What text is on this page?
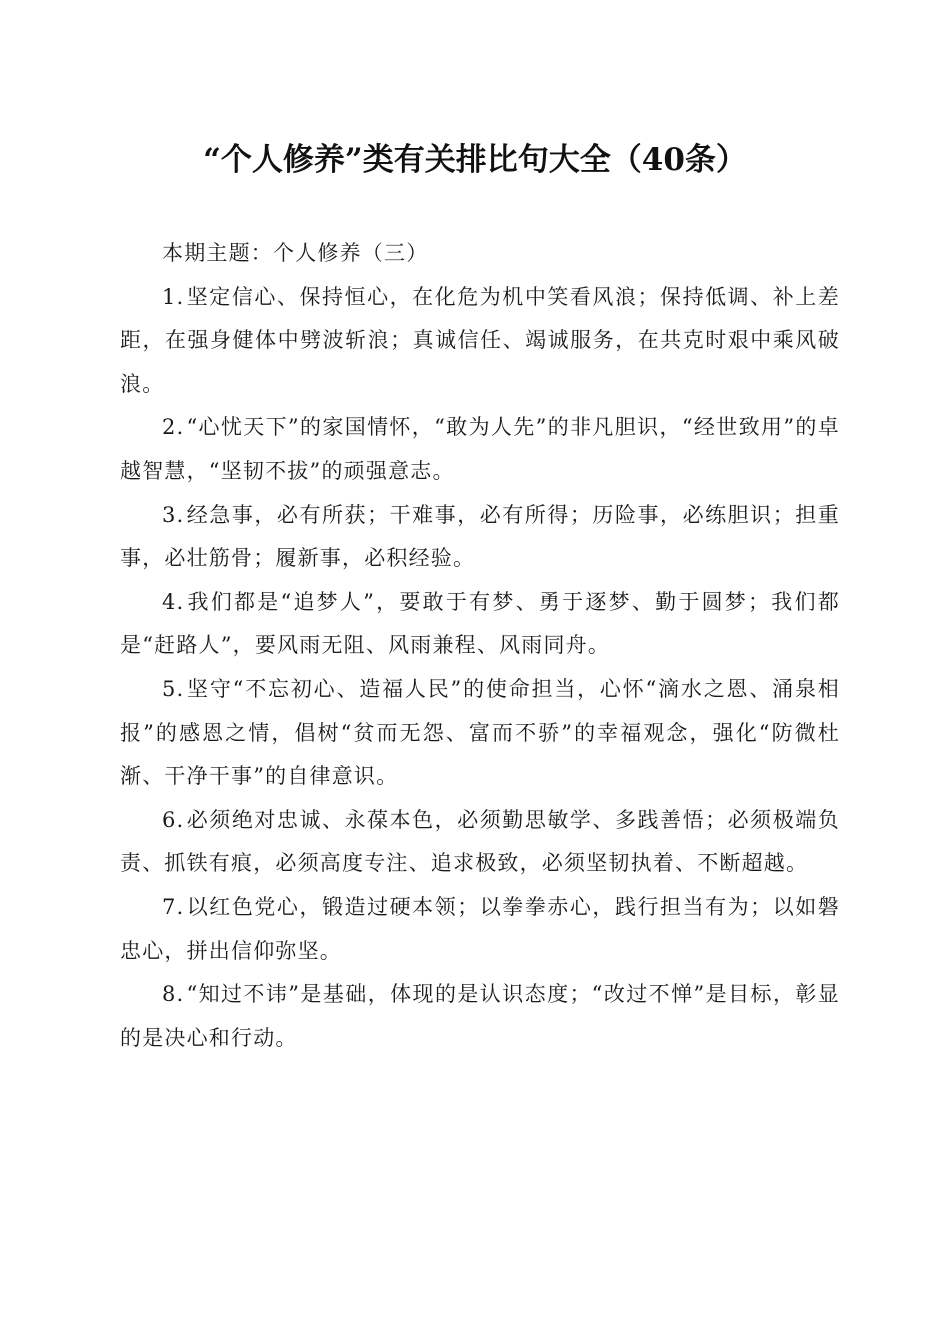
“个人修养”类有关排比句大全（40条）

本期主题：个人修养（三）

1.坚定信心、保持恒心，在化危为机中笑看风浪；保持低调、补上差距，在强身健体中劈波斩浪；真诚信任、竭诚服务，在共克时艰中乘风破浪。

2.“心忧天下”的家国情怀，“敢为人先”的非凡胆识，“经世致用”的卓越智慧，“坚韧不拔”的顽强意志。

3.经急事，必有所获；干难事，必有所得；历险事，必练胆识；担重事，必壮筋骨；履新事，必积经验。

4.我们都是“追梦人”，要敢于有梦、勇于逐梦、勤于圆梦；我们都是“赶路人”，要风雨无阻、风雨兼程、风雨同舟。

5.坚守“不忘初心、造福人民”的使命担当，心怀“滴水之恩、涌泉相报”的感恩之情，倡树“贫而无怨、富而不骄”的幸福观念，强化“防微杜渐、干净干事”的自律意识。

6.必须绝对忠诚、永葆本色，必须勤思敏学、多践善悟；必须极端负责、抓铁有痕，必须高度专注、追求极致，必须坚韧执着、不断超越。

7.以红色党心，锻造过硬本领；以拳拳赤心，践行担当有为；以如磐忠心，拼出信仰弥坚。

8.“知过不讳”是基础，体现的是认识态度；“改过不惮”是目标，彰显的是决心和行动。
